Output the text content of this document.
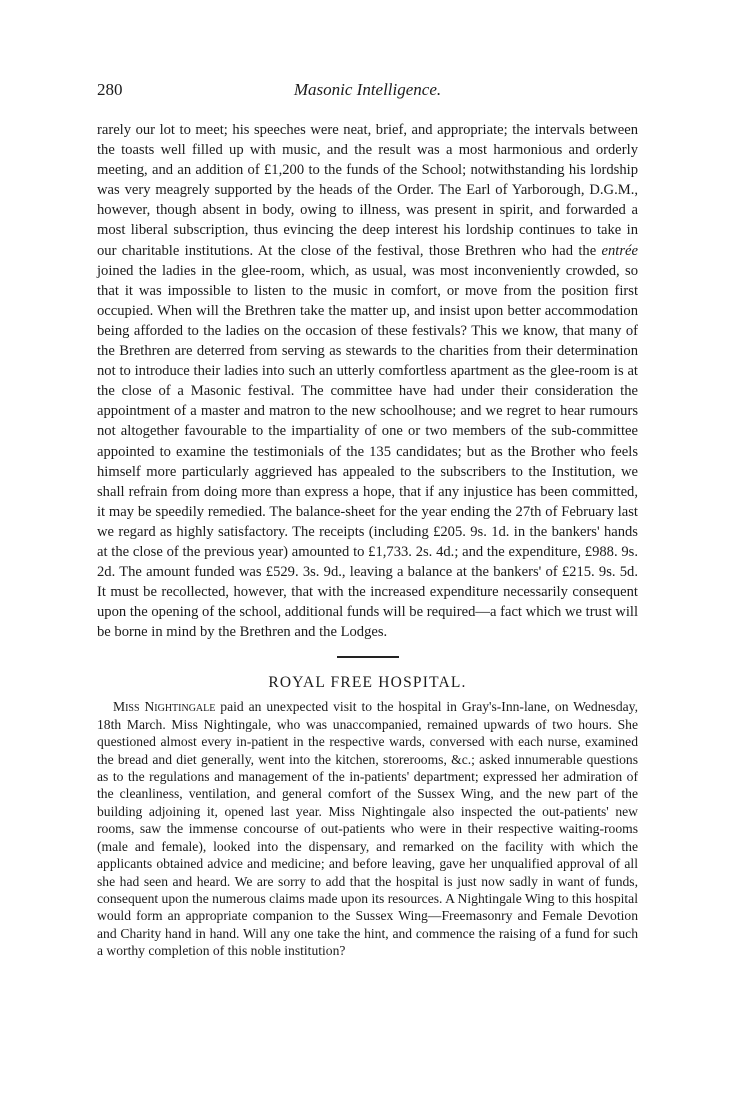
280	Masonic Intelligence.

rarely our lot to meet; his speeches were neat, brief, and appropriate; the intervals between the toasts well filled up with music, and the result was a most harmonious and orderly meeting, and an addition of £1,200 to the funds of the School; notwithstanding his lordship was very meagrely supported by the heads of the Order. The Earl of Yarborough, D.G.M., however, though absent in body, owing to illness, was present in spirit, and forwarded a most liberal subscription, thus evincing the deep interest his lordship continues to take in our charitable institutions. At the close of the festival, those Brethren who had the entrée joined the ladies in the glee-room, which, as usual, was most inconveniently crowded, so that it was impossible to listen to the music in comfort, or move from the position first occupied. When will the Brethren take the matter up, and insist upon better accommodation being afforded to the ladies on the occasion of these festivals? This we know, that many of the Brethren are deterred from serving as stewards to the charities from their determination not to introduce their ladies into such an utterly comfortless apartment as the glee-room is at the close of a Masonic festival. The committee have had under their consideration the appointment of a master and matron to the new schoolhouse; and we regret to hear rumours not altogether favourable to the impartiality of one or two members of the sub-committee appointed to examine the testimonials of the 135 candidates; but as the Brother who feels himself more particularly aggrieved has appealed to the subscribers to the Institution, we shall refrain from doing more than express a hope, that if any injustice has been committed, it may be speedily remedied. The balance-sheet for the year ending the 27th of February last we regard as highly satisfactory. The receipts (including £205. 9s. 1d. in the bankers' hands at the close of the previous year) amounted to £1,733. 2s. 4d.; and the expenditure, £988. 9s. 2d. The amount funded was £529. 3s. 9d., leaving a balance at the bankers' of £215. 9s. 5d. It must be recollected, however, that with the increased expenditure necessarily consequent upon the opening of the school, additional funds will be required—a fact which we trust will be borne in mind by the Brethren and the Lodges.

ROYAL FREE HOSPITAL.

Miss Nightingale paid an unexpected visit to the hospital in Gray's-Inn-lane, on Wednesday, 18th March. Miss Nightingale, who was unaccompanied, remained upwards of two hours. She questioned almost every in-patient in the respective wards, conversed with each nurse, examined the bread and diet generally, went into the kitchen, storerooms, &c.; asked innumerable questions as to the regulations and management of the in-patients' department; expressed her admiration of the cleanliness, ventilation, and general comfort of the Sussex Wing, and the new part of the building adjoining it, opened last year. Miss Nightingale also inspected the out-patients' new rooms, saw the immense concourse of out-patients who were in their respective waiting-rooms (male and female), looked into the dispensary, and remarked on the facility with which the applicants obtained advice and medicine; and before leaving, gave her unqualified approval of all she had seen and heard. We are sorry to add that the hospital is just now sadly in want of funds, consequent upon the numerous claims made upon its resources. A Nightingale Wing to this hospital would form an appropriate companion to the Sussex Wing—Freemasonry and Female Devotion and Charity hand in hand. Will any one take the hint, and commence the raising of a fund for such a worthy completion of this noble institution?
